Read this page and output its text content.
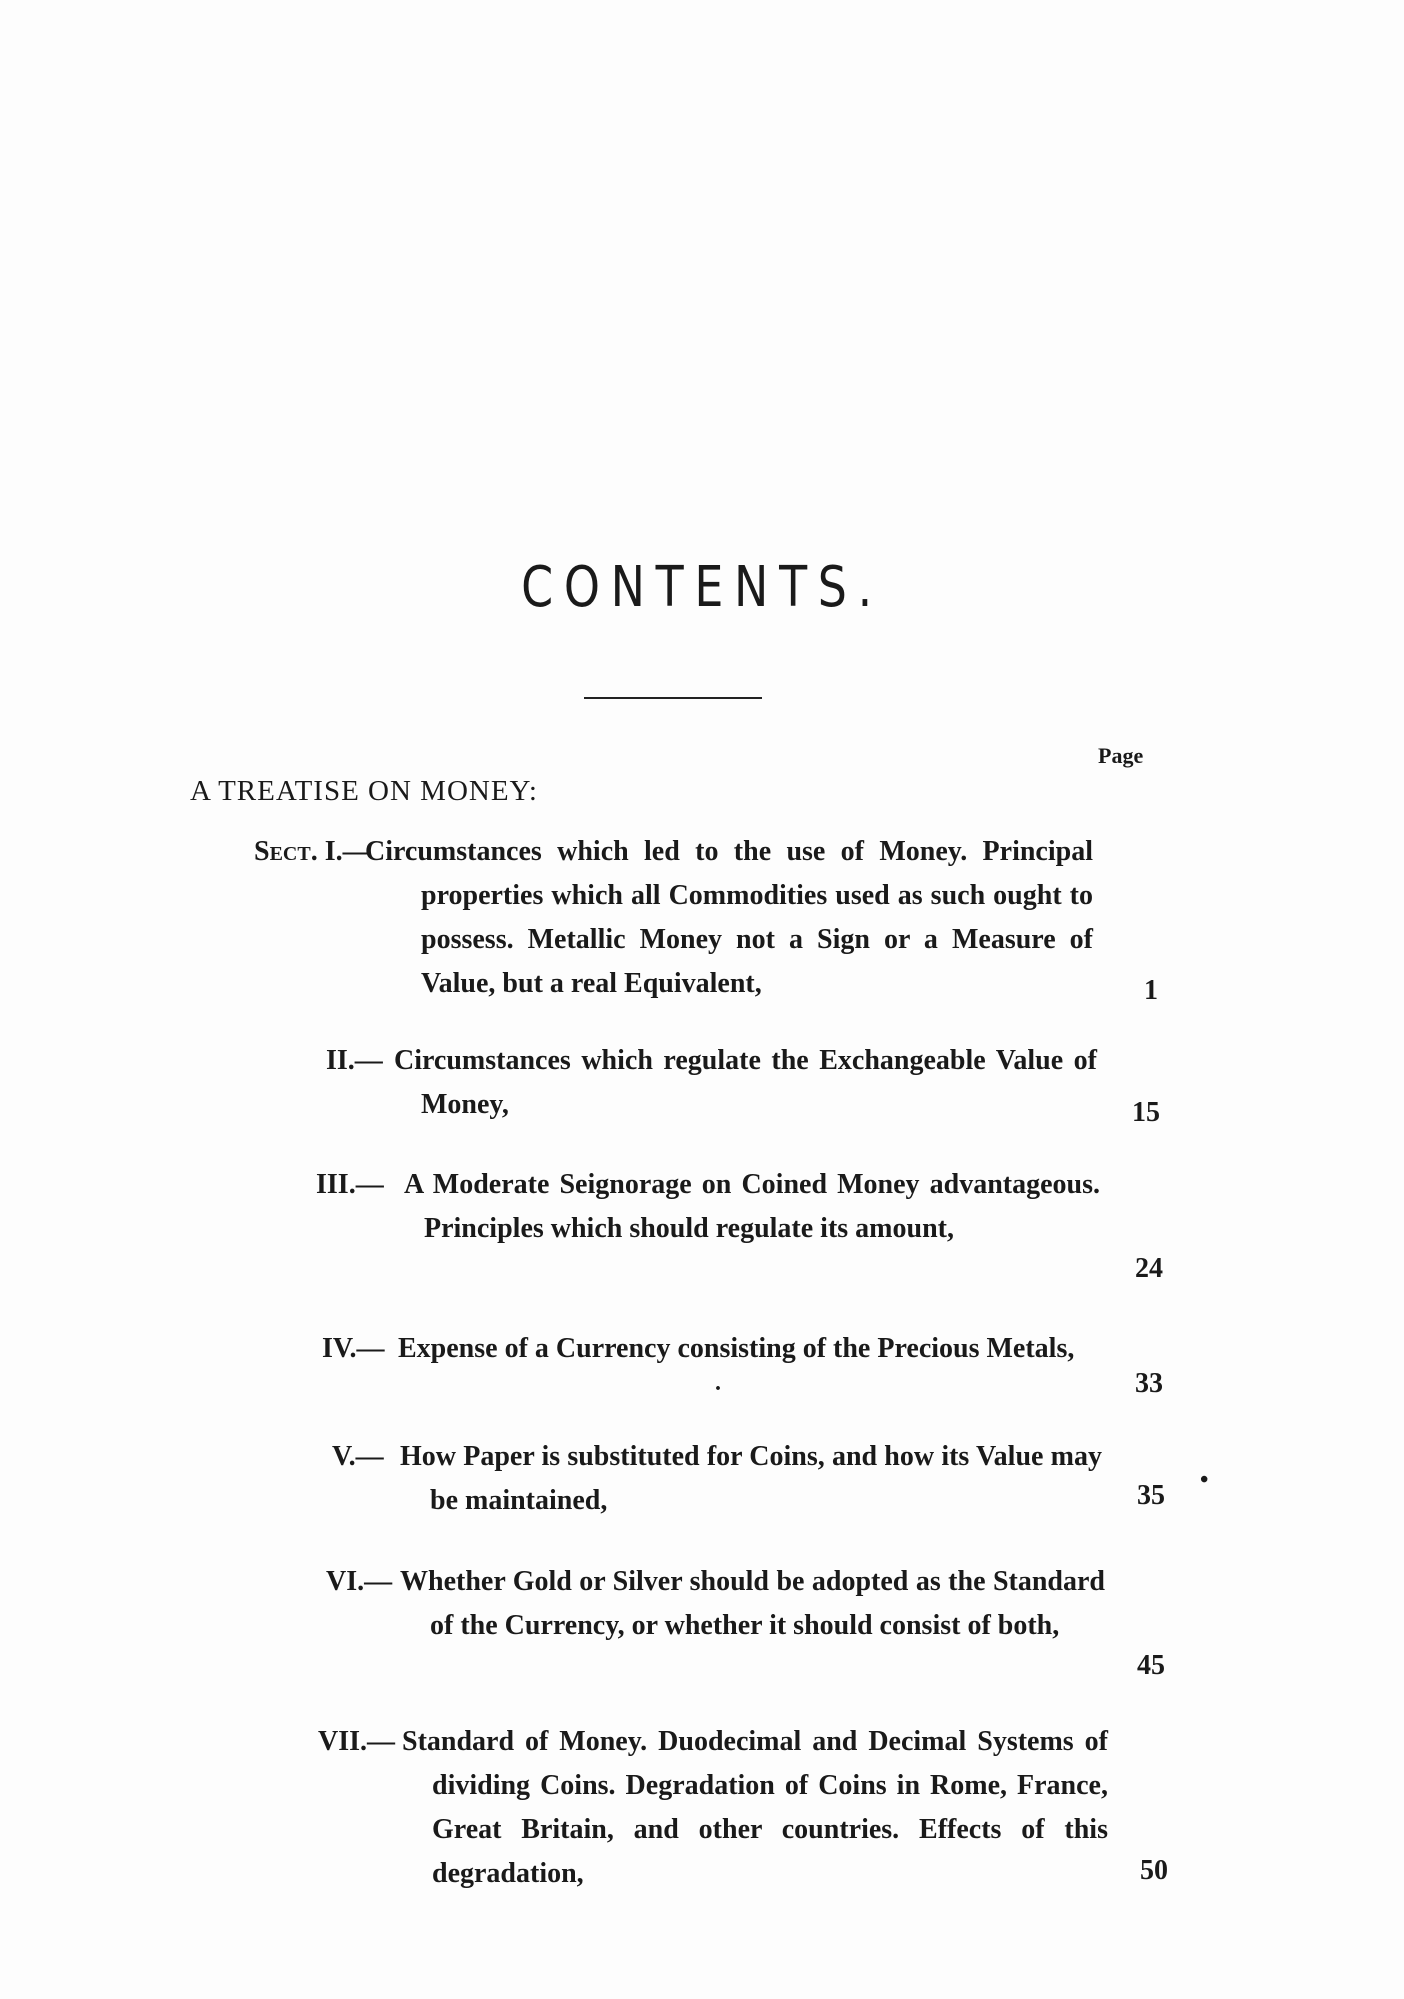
CONTENTS.
Page
A TREATISE ON MONEY:
Sect. I.—
Circumstances which led to the use of Money. Principal properties which all Commodities used as such ought to possess. Metallic Money not a Sign or a Measure of Value, but a real Equivalent,	1
II.— Circumstances which regulate the Exchangeable Value of Money,	15
III.— A Moderate Seignorage on Coined Money advantageous. Principles which should regulate its amount,
24
IV.— Expense of a Currency consisting of the Precious Metals,
33
.
V.— How Paper is substituted for Coins, and how its Value may be maintained,	35 •
VI.— Whether Gold or Silver should be adopted as the Standard of the Currency, or whether it should consist of both,
45
VII.— Standard of Money. Duodecimal and Decimal Systems of dividing Coins. Degradation of Coins in Rome, France, Great Britain, and other countries. Effects of this degradation,	50
